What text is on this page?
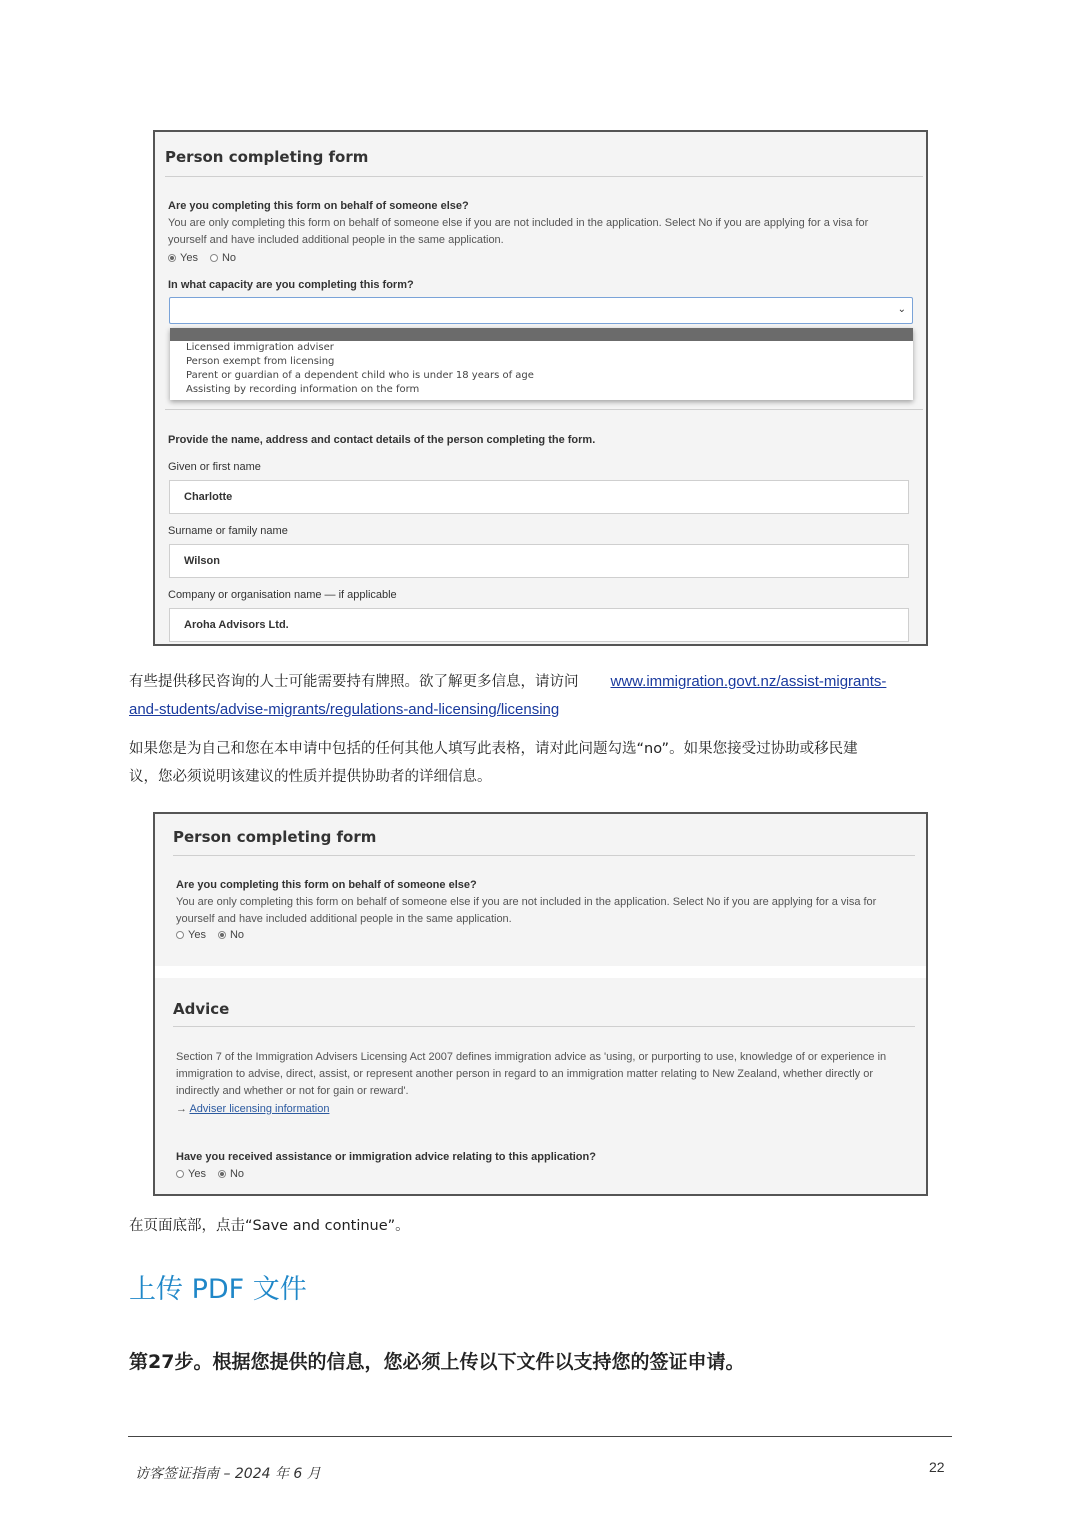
Person completing form
Are you completing this form on behalf of someone else?
You are only completing this form on behalf of someone else if you are not included in the application. Select No if you are applying for a visa for
yourself and have included additional people in the same application.
Yes No
In what capacity are you completing this form?
⌄
Licensed immigration adviser
Person exempt from licensing
Parent or guardian of a dependent child who is under 18 years of age
Assisting by recording information on the form
Provide the name, address and contact details of the person completing the form.
Given or first name
Charlotte
Surname or family name
Wilson
Company or organisation name — if applicable
Aroha Advisors Ltd.
有些提供移民咨询的人士可能需要持有牌照。欲了解更多信息，请访问 www.immigration.govt.nz/assist-migrants-
and-students/advise-migrants/regulations-and-licensing/licensing
如果您是为自己和您在本申请中包括的任何其他人填写此表格，请对此问题勾选“no”。如果您接受过协助或移民建
议，您必须说明该建议的性质并提供协助者的详细信息。
Person completing form
Are you completing this form on behalf of someone else?
You are only completing this form on behalf of someone else if you are not included in the application. Select No if you are applying for a visa for
yourself and have included additional people in the same application.
Yes No
Advice
Section 7 of the Immigration Advisers Licensing Act 2007 defines immigration advice as 'using, or purporting to use, knowledge of or experience in
immigration to advise, direct, assist, or represent another person in regard to an immigration matter relating to New Zealand, whether directly or
indirectly and whether or not for gain or reward'.
→ Adviser licensing information
Have you received assistance or immigration advice relating to this application?
Yes No
在页面底部，点击“Save and continue”。
上传 PDF 文件
第27步。根据您提供的信息，您必须上传以下文件以支持您的签证申请。
访客签证指南 – 2024 年 6 月	22
